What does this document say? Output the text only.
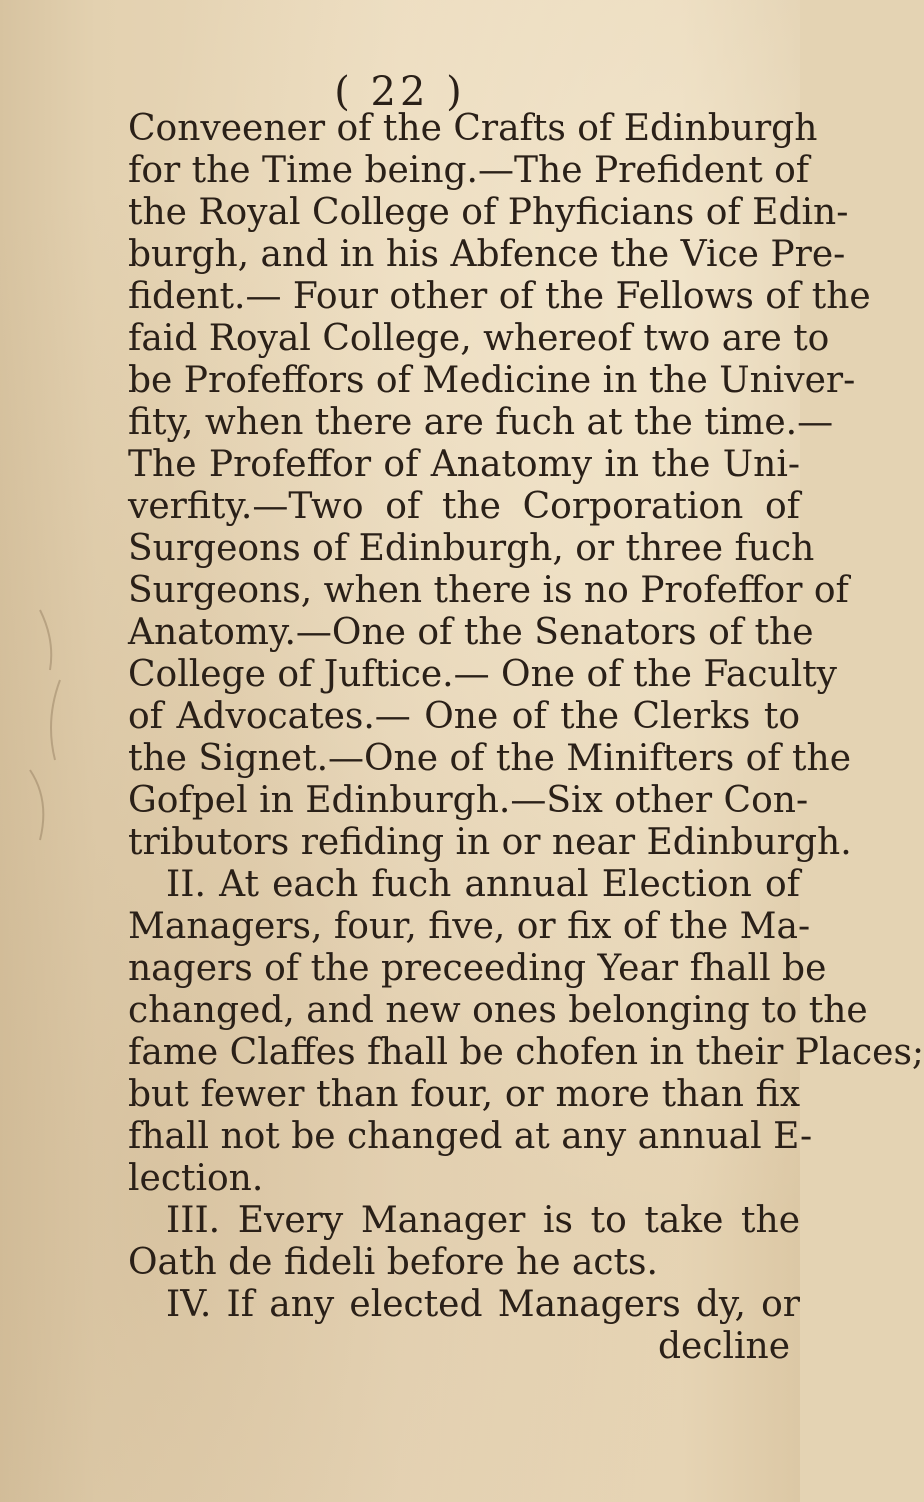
( 22 )
Conveener of the Crafts of Edinburgh
for the Time being.—The Prefident of
the Royal College of Phyficians of Edin-
burgh, and in his Abfence the Vice Pre-
fident.— Four other of the Fellows of the
faid Royal College, whereof two are to
be Profeffors of Medicine in the Univer-
fity, when there are fuch at the time.—
The Profeffor of Anatomy in the Uni-
verfity.—Two of the Corporation of
Surgeons of Edinburgh, or three fuch
Surgeons, when there is no Profeffor of
Anatomy.—One of the Senators of the
College of Juftice.— One of the Faculty
of Advocates.— One of the Clerks to
the Signet.—One of the Minifters of the
Gofpel in Edinburgh.—Six other Con-
tributors refiding in or near Edinburgh.
II. At each fuch annual Election of
Managers, four, five, or fix of the Ma-
nagers of the preceeding Year fhall be
changed, and new ones belonging to the
fame Claffes fhall be chofen in their Places;
but fewer than four, or more than fix
fhall not be changed at any annual E-
lection.
III. Every Manager is to take the
Oath de fideli before he acts.
IV. If any elected Managers dy, or
decline
